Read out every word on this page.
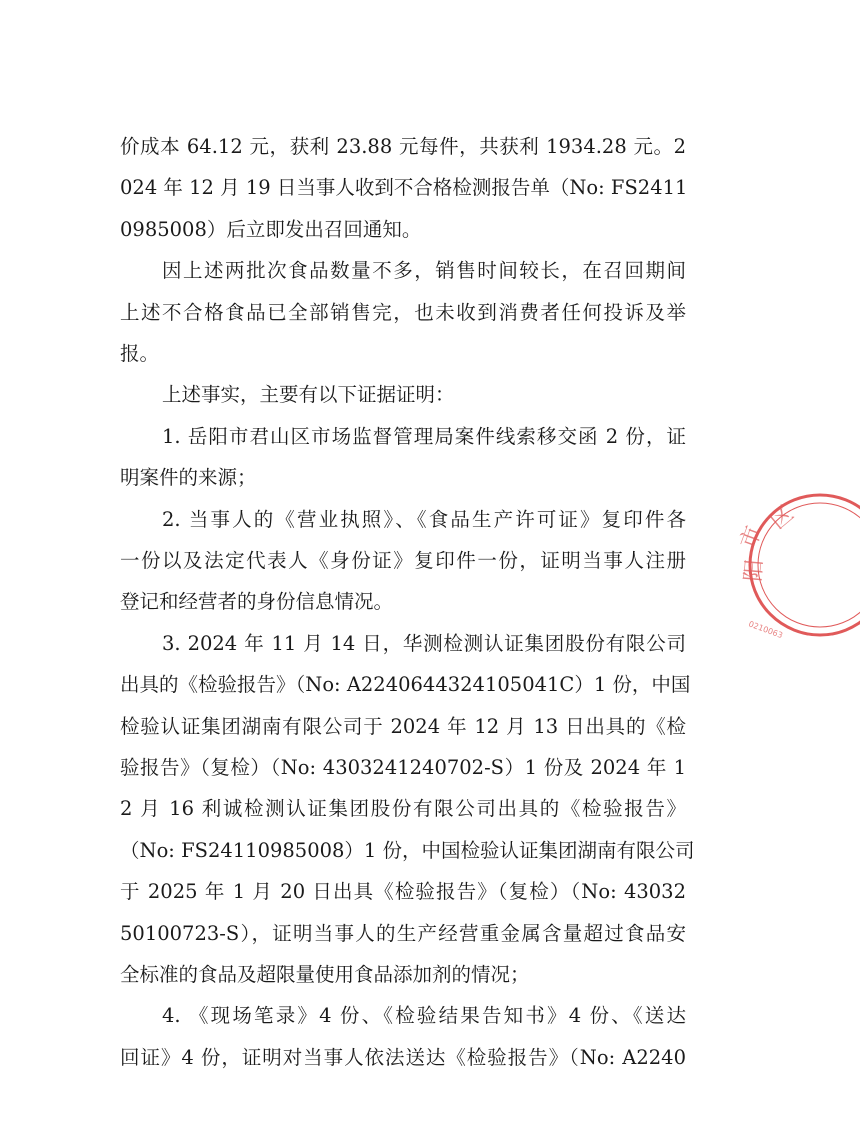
价成本 64.12 元，获利 23.88 元每件，共获利 1934.28 元。2
024 年 12 月 19 日当事人收到不合格检测报告单（No: FS2411
0985008）后立即发出召回通知。
因上述两批次食品数量不多，销售时间较长，在召回期间
上述不合格食品已全部销售完，也未收到消费者任何投诉及举
报。
上述事实，主要有以下证据证明：
1. 岳阳市君山区市场监督管理局案件线索移交函 2 份，证
明案件的来源；
2. 当事人的《营业执照》、《食品生产许可证》复印件各
一份以及法定代表人《身份证》复印件一份，证明当事人注册
登记和经营者的身份信息情况。
3. 2024 年 11 月 14 日，华测检测认证集团股份有限公司
出具的《检验报告》（No: A2240644324105041C）1 份，中国
检验认证集团湖南有限公司于 2024 年 12 月 13 日出具的《检
验报告》（复检）（No: 4303241240702-S）1 份及 2024 年 1
2 月 16 利诚检测认证集团股份有限公司出具的《检验报告》
（No: FS24110985008）1 份，中国检验认证集团湖南有限公司
于 2025 年 1 月 20 日出具《检验报告》（复检）（No: 43032
50100723-S），证明当事人的生产经营重金属含量超过食品安
全标准的食品及超限量使用食品添加剂的情况；
4. 《现场笔录》4 份、《检验结果告知书》4 份、《送达
回证》4 份，证明对当事人依法送达《检验报告》（No: A2240
市
阳
区
0210063
